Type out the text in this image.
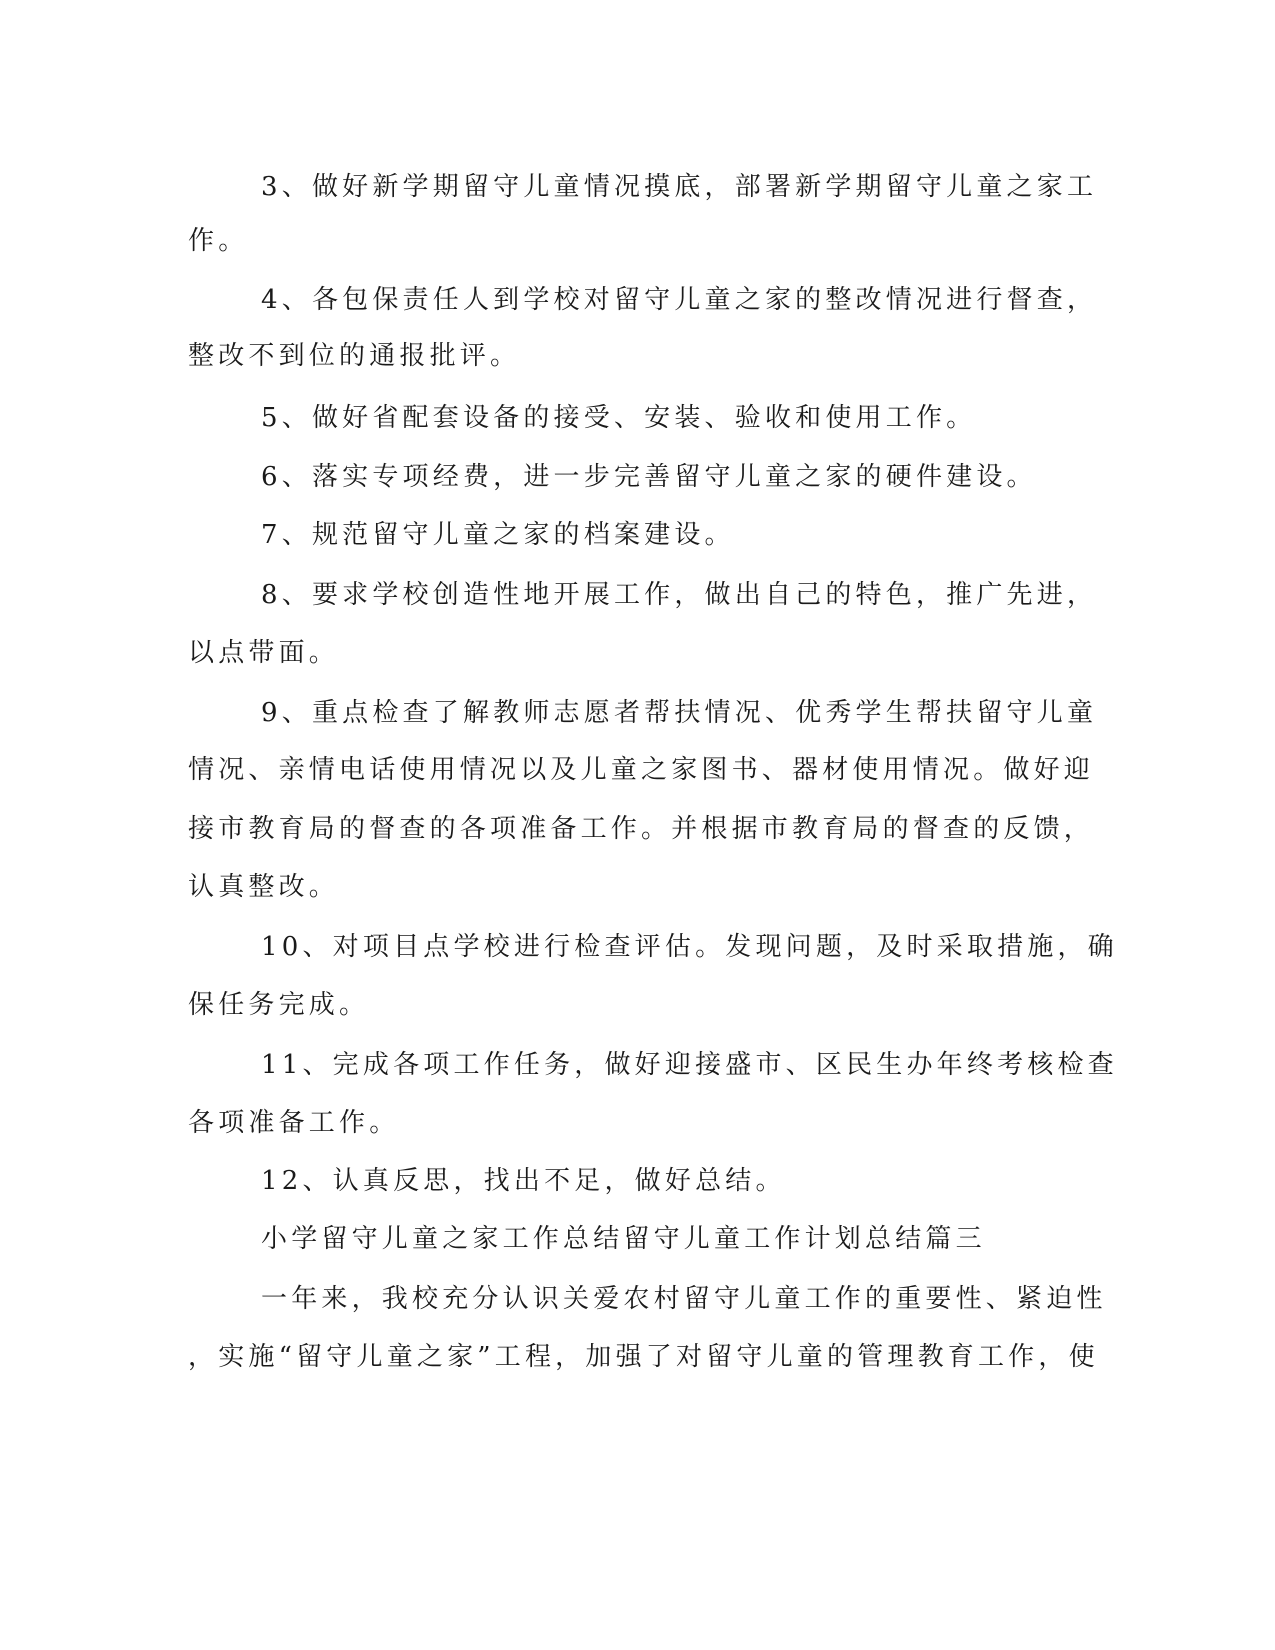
3、做好新学期留守儿童情况摸底，部署新学期留守儿童之家工
作。
4、各包保责任人到学校对留守儿童之家的整改情况进行督查，
整改不到位的通报批评。
5、做好省配套设备的接受、安装、验收和使用工作。
6、落实专项经费，进一步完善留守儿童之家的硬件建设。
7、规范留守儿童之家的档案建设。
8、要求学校创造性地开展工作，做出自己的特色，推广先进，
以点带面。
9、重点检查了解教师志愿者帮扶情况、优秀学生帮扶留守儿童
情况、亲情电话使用情况以及儿童之家图书、器材使用情况。做好迎
接市教育局的督查的各项准备工作。并根据市教育局的督查的反馈，
认真整改。
10、对项目点学校进行检查评估。发现问题，及时采取措施，确
保任务完成。
11、完成各项工作任务，做好迎接盛市、区民生办年终考核检查
各项准备工作。
12、认真反思，找出不足，做好总结。
小学留守儿童之家工作总结留守儿童工作计划总结篇三
一年来，我校充分认识关爱农村留守儿童工作的重要性、紧迫性
，实施“留守儿童之家”工程，加强了对留守儿童的管理教育工作，使
